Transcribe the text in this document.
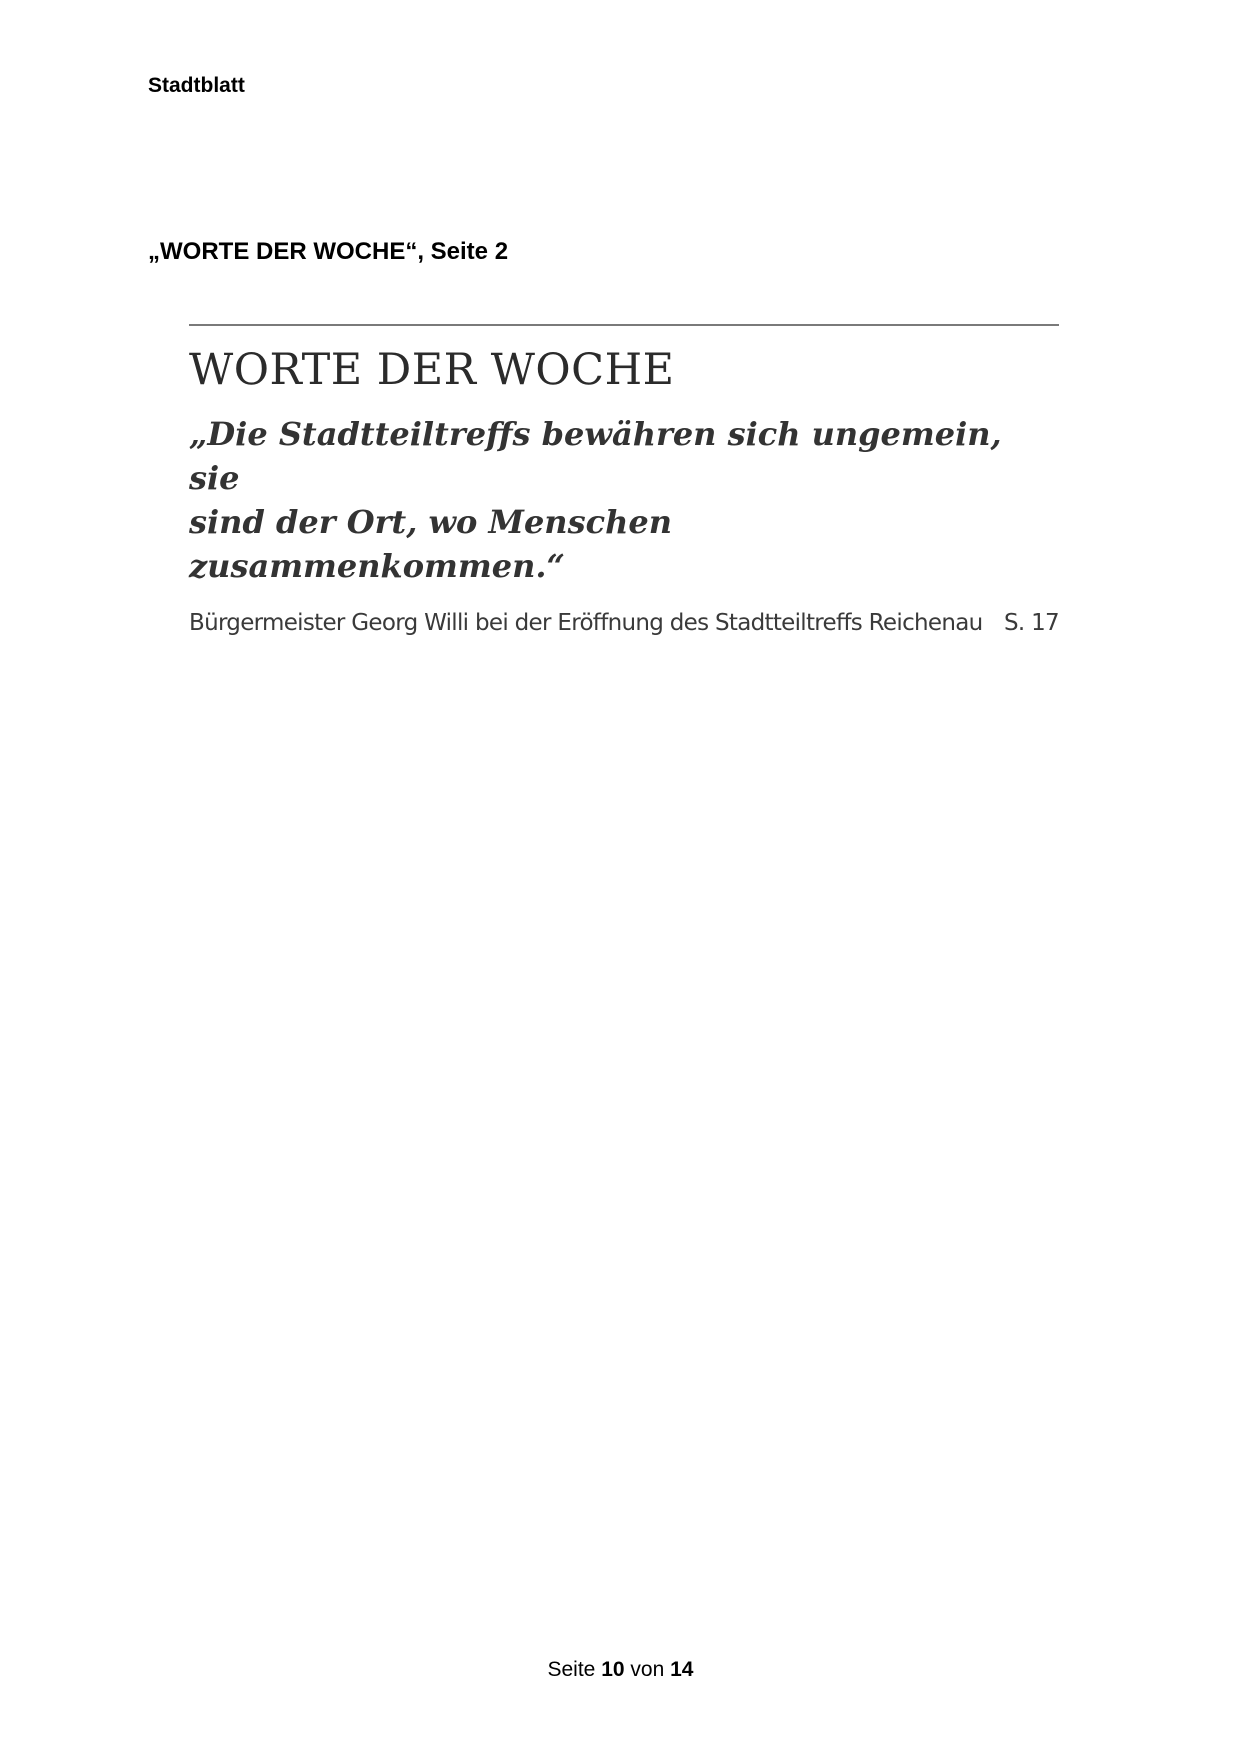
Stadtblatt

„WORTE DER WOCHE“, Seite 2

WORTE DER WOCHE
„Die Stadtteiltreffs bewähren sich ungemein, sie
sind der Ort, wo Menschen zusammenkommen.“
Bürgermeister Georg Willi bei der Eröffnung des Stadtteiltreffs Reichenau S. 17

Seite 10 von 14
